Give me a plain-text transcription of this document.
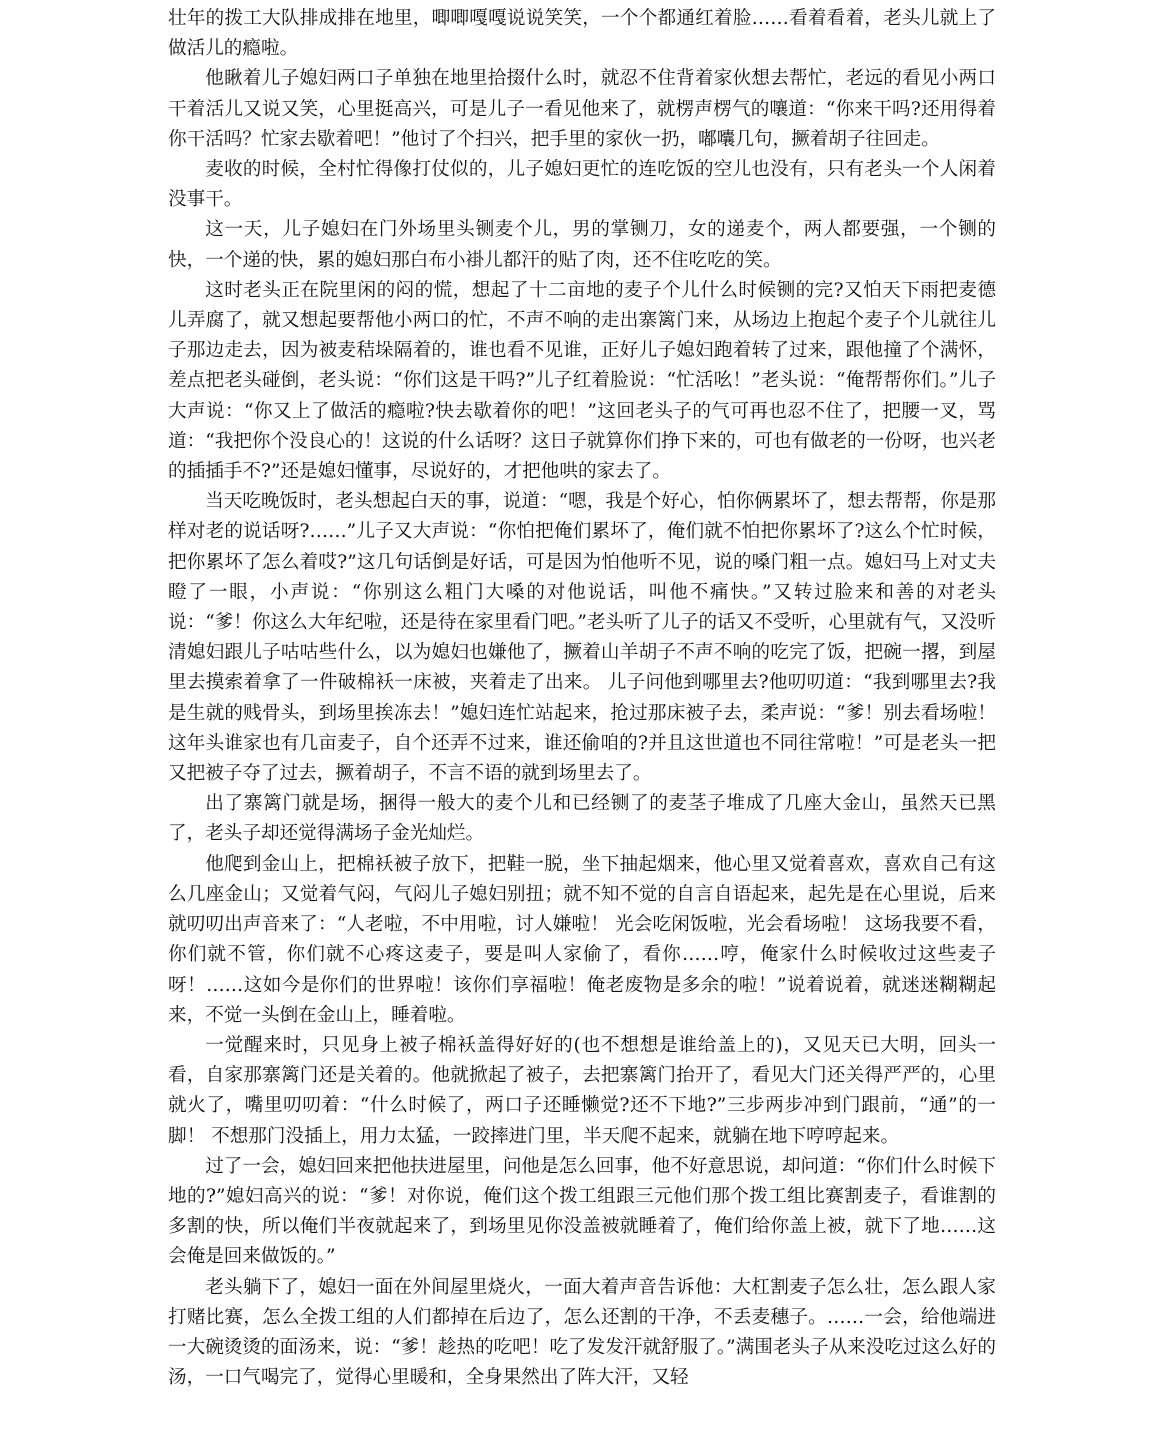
壮年的拨工大队排成排在地里，唧唧嘎嘎说说笑笑，一个个都通红着脸……看着看着，老头儿就上了做活儿的瘾啦。

他瞅着儿子媳妇两口子单独在地里拾掇什么时，就忍不住背着家伙想去帮忙，老远的看见小两口干着活儿又说又笑，心里挺高兴，可是儿子一看见他来了，就楞声楞气的嚷道：“你来干吗?还用得着你干活吗？忙家去歇着吧！”他讨了个扫兴，把手里的家伙一扔，嘟囔几句，撅着胡子往回走。

麦收的时候，全村忙得像打仗似的，儿子媳妇更忙的连吃饭的空儿也没有，只有老头一个人闲着没事干。

这一天，儿子媳妇在门外场里头铡麦个儿，男的掌铡刀，女的递麦个，两人都要强，一个铡的快，一个递的快，累的媳妇那白布小褂儿都汗的贴了肉，还不住吃吃的笑。

这时老头正在院里闲的闷的慌，想起了十二亩地的麦子个儿什么时候铡的完?又怕天下雨把麦德儿弄腐了，就又想起要帮他小两口的忙，不声不响的走出寨篱门来，从场边上抱起个麦子个儿就往儿子那边走去，因为被麦秸垛隔着的，谁也看不见谁，正好儿子媳妇跑着转了过来，跟他撞了个满怀，差点把老头碰倒，老头说：“你们这是干吗?”儿子红着脸说：“忙活吆！”老头说：“俺帮帮你们。”儿子大声说：“你又上了做活的瘾啦?快去歇着你的吧！”这回老头子的气可再也忍不住了，把腰一叉，骂道：“我把你个没良心的！这说的什么话呀？这日子就算你们挣下来的，可也有做老的一份呀，也兴老的插插手不?”还是媳妇懂事，尽说好的，才把他哄的家去了。

当天吃晚饭时，老头想起白天的事，说道：“嗯，我是个好心，怕你俩累坏了，想去帮帮，你是那样对老的说话呀?……”儿子又大声说：“你怕把俺们累坏了，俺们就不怕把你累坏了?这么个忙时候，把你累坏了怎么着哎?”这几句话倒是好话，可是因为怕他听不见，说的嗓门粗一点。媳妇马上对丈夫瞪了一眼，小声说：“你别这么粗门大嗓的对他说话，叫他不痛快。”又转过脸来和善的对老头说：“爹！你这么大年纪啦，还是待在家里看门吧。”老头听了儿子的话又不受听，心里就有气，又没听清媳妇跟儿子咕咕些什么，以为媳妇也嫌他了，撅着山羊胡子不声不响的吃完了饭，把碗一撂，到屋里去摸索着拿了一件破棉袄一床被，夹着走了出来。 儿子问他到哪里去?他叨叨道：“我到哪里去?我是生就的贱骨头，到场里挨冻去！”媳妇连忙站起来，抢过那床被子去，柔声说：“爹！别去看场啦！这年头谁家也有几亩麦子，自个还弄不过来，谁还偷咱的?并且这世道也不同往常啦！”可是老头一把又把被子夺了过去，撅着胡子，不言不语的就到场里去了。

出了寨篱门就是场，捆得一般大的麦个儿和已经铡了的麦茎子堆成了几座大金山，虽然天已黑了，老头子却还觉得满场子金光灿烂。

他爬到金山上，把棉袄被子放下，把鞋一脱，坐下抽起烟来，他心里又觉着喜欢，喜欢自己有这么几座金山；又觉着气闷，气闷儿子媳妇别扭；就不知不觉的自言自语起来，起先是在心里说，后来就叨叨出声音来了：“人老啦，不中用啦，讨人嫌啦！ 光会吃闲饭啦，光会看场啦！ 这场我要不看，你们就不管，你们就不心疼这麦子，要是叫人家偷了，看你……哼，俺家什么时候收过这些麦子呀！……这如今是你们的世界啦！该你们享福啦！俺老废物是多余的啦！”说着说着，就迷迷糊糊起来，不觉一头倒在金山上，睡着啦。

一觉醒来时，只见身上被子棉袄盖得好好的(也不想想是谁给盖上的)，又见天已大明，回头一看，自家那寨篱门还是关着的。他就掀起了被子，去把寨篱门抬开了，看见大门还关得严严的，心里就火了，嘴里叨叨着：“什么时候了，两口子还睡懒觉?还不下地?”三步两步冲到门跟前，“通”的一脚！ 不想那门没插上，用力太猛，一跤摔进门里，半天爬不起来，就躺在地下哼哼起来。

过了一会，媳妇回来把他扶进屋里，问他是怎么回事，他不好意思说，却问道：“你们什么时候下地的?”媳妇高兴的说：“爹！对你说，俺们这个拨工组跟三元他们那个拨工组比赛割麦子，看谁割的多割的快，所以俺们半夜就起来了，到场里见你没盖被就睡着了，俺们给你盖上被，就下了地……这会俺是回来做饭的。”

老头躺下了，媳妇一面在外间屋里烧火，一面大着声音告诉他：大杠割麦子怎么壮，怎么跟人家打赌比赛，怎么全拨工组的人们都掉在后边了，怎么还割的干净，不丢麦穗子。……一会，给他端进一大碗烫烫的面汤来，说：“爹！趁热的吃吧！吃了发发汗就舒服了。”满围老头子从来没吃过这么好的汤，一口气喝完了，觉得心里暖和，全身果然出了阵大汗，又轻
